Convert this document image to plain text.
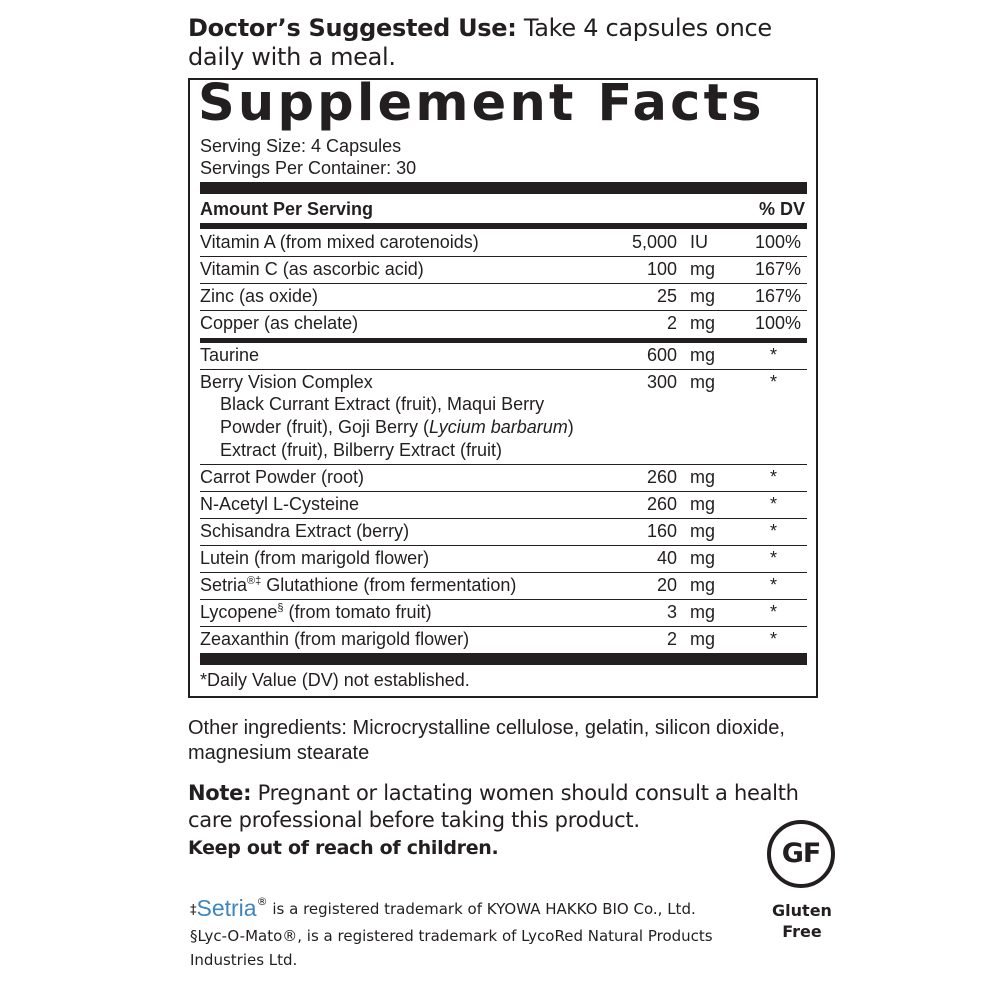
Doctor’s Suggested Use: Take 4 capsules once daily with a meal.
Supplement Facts
Serving Size: 4 Capsules
Servings Per Container: 30
Amount Per Serving	% DV
Vitamin A (from mixed carotenoids)	5,000 IU	100%
Vitamin C (as ascorbic acid)	100 mg 167%
Zinc (as oxide)	25 mg 167%
Copper (as chelate)	2 mg 100%
Taurine	600 mg	*
Berry Vision Complex	300 mg	*
Black Currant Extract (fruit), Maqui Berry
Powder (fruit), Goji Berry (Lycium barbarum)
Extract (fruit), Bilberry Extract (fruit)
Carrot Powder (root)	260 mg	*
N-Acetyl L-Cysteine	260 mg	*
Schisandra Extract (berry)	160 mg	*
Lutein (from marigold flower)	40 mg	*
Setria®‡ Glutathione (from fermentation)	20 mg	*
Lycopene§ (from tomato fruit)	3 mg	*
Zeaxanthin (from marigold flower)	2 mg	*
*Daily Value (DV) not established.
Other ingredients: Microcrystalline cellulose, gelatin, silicon dioxide, magnesium stearate
Note: Pregnant or lactating women should consult a health care professional before taking this product.
Keep out of reach of children.
‡Setria® is a registered trademark of KYOWA HAKKO BIO Co., Ltd.
§Lyc-O-Mato®, is a registered trademark of LycoRed Natural Products Industries Ltd.
GF
Gluten
Free
